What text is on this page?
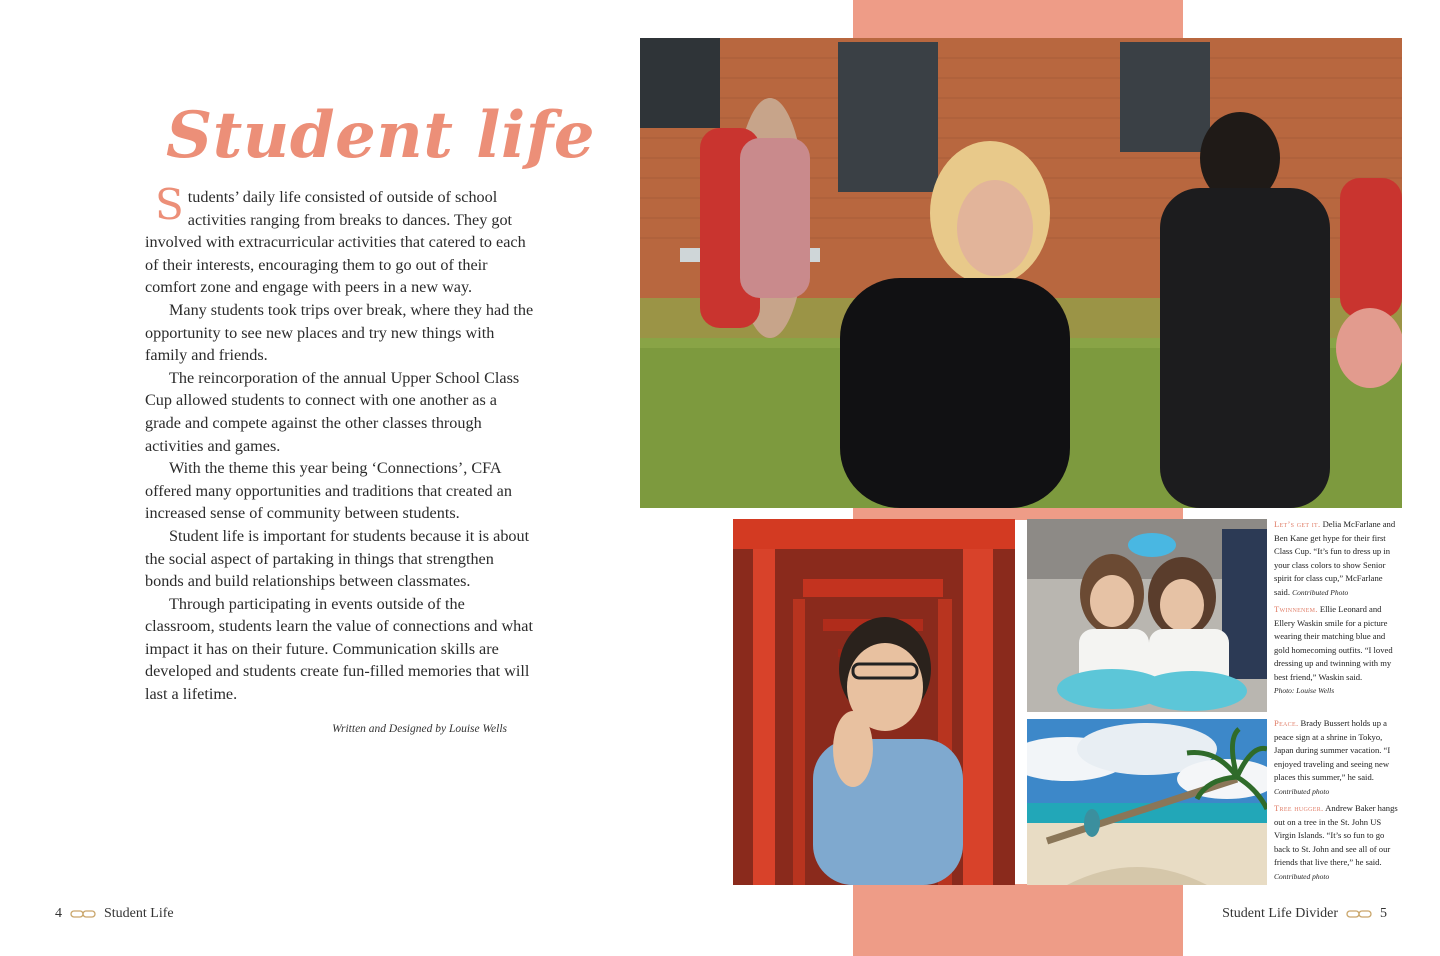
Student life

Students’ daily life consisted of outside of school activities ranging from breaks to dances. They got involved with extracurricular activities that catered to each of their interests, encouraging them to go out of their comfort zone and engage with peers in a new way.

Many students took trips over break, where they had the opportunity to see new places and try new things with family and friends.

The reincorporation of the annual Upper School Class Cup allowed students to connect with one another as a grade and compete against the other classes through activities and games.

With the theme this year being ‘Connections’, CFA offered many opportunities and traditions that created an increased sense of community between students.

Student life is important for students because it is about the social aspect of partaking in things that strengthen bonds and build relationships between classmates.

Through participating in events outside of the classroom, students learn the value of connections and what impact it has on their future. Communication skills are developed and students create fun-filled memories that will last a lifetime.

Written and Designed by Louise Wells

Let’s get it. Delia McFarlane and Ben Kane get hype for their first Class Cup. “It’s fun to dress up in your class colors to show Senior spirit for class cup,” McFarlane said. Contributed Photo

Twinnenem. Ellie Leonard and Ellery Waskin smile for a picture wearing their matching blue and gold homecoming outfits. “I loved dressing up and twinning with my best friend,” Waskin said.
Photo: Louise Wells

Peace. Brady Bussert holds up a peace sign at a shrine in Tokyo, Japan during summer vacation. “I enjoyed traveling and seeing new places this summer,” he said.
Contributed photo

Tree hugger. Andrew Baker hangs out on a tree in the St. John US Virgin Islands. “It’s so fun to go back to St. John and see all of our friends that live there,” he said.
Contributed photo

4	Student Life	Student Life Divider	5
